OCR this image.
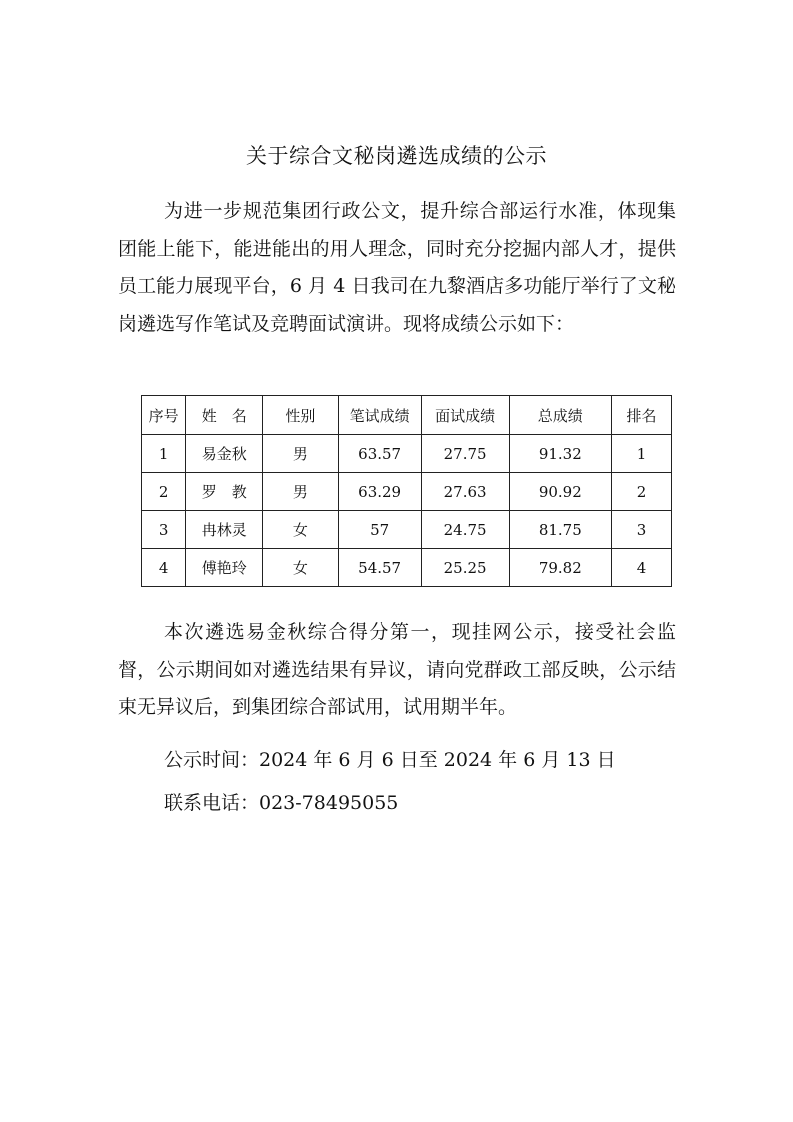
关于综合文秘岗遴选成绩的公示

为进一步规范集团行政公文，提升综合部运行水准，体现集团能上能下，能进能出的用人理念，同时充分挖掘内部人才，提供员工能力展现平台，6 月 4 日我司在九黎酒店多功能厅举行了文秘岗遴选写作笔试及竞聘面试演讲。现将成绩公示如下：

序号	姓　名	性别	笔试成绩	面试成绩	总成绩	排名
1	易金秋	男	63.57	27.75	91.32	1
2	罗　教	男	63.29	27.63	90.92	2
3	冉林灵	女	57	24.75	81.75	3
4	傅艳玲	女	54.57	25.25	79.82	4

本次遴选易金秋综合得分第一，现挂网公示，接受社会监督，公示期间如对遴选结果有异议，请向党群政工部反映，公示结束无异议后，到集团综合部试用，试用期半年。

公示时间：2024 年 6 月 6 日至 2024 年 6 月 13 日
联系电话：023-78495055
